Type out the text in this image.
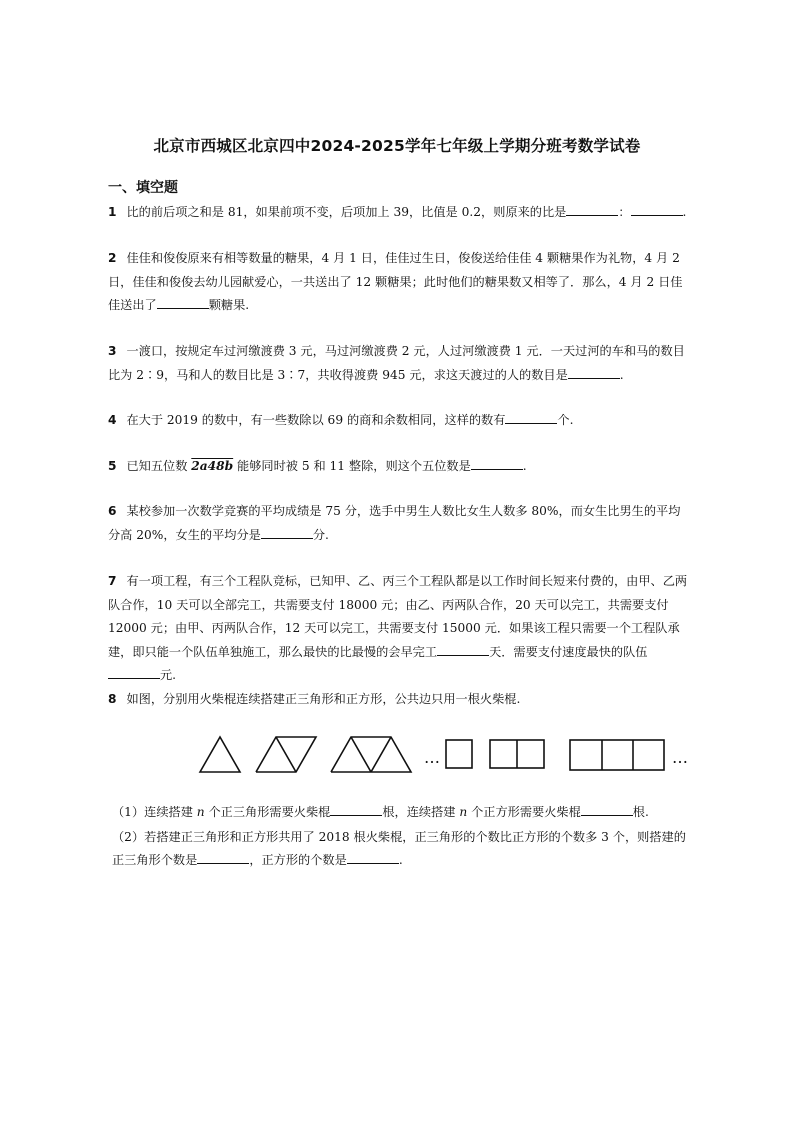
北京市西城区北京四中2024-2025学年七年级上学期分班考数学试卷
一、填空题
1 比的前后项之和是 81，如果前项不变，后项加上 39，比值是 0.2，则原来的比是	：	.
2 佳佳和俊俊原来有相等数量的糖果，4 月 1 日，佳佳过生日，俊俊送给佳佳 4 颗糖果作为礼物，4 月 2 日，佳佳和俊俊去幼儿园献爱心，一共送出了 12 颗糖果；此时他们的糖果数又相等了．那么，4 月 2 日佳佳送出了	颗糖果.
3 一渡口，按规定车过河缴渡费 3 元，马过河缴渡费 2 元，人过河缴渡费 1 元．一天过河的车和马的数目比为 2∶9，马和人的数目比是 3∶7，共收得渡费 945 元，求这天渡过的人的数目是	.
4 在大于 2019 的数中，有一些数除以 69 的商和余数相同，这样的数有	个.
5 已知五位数 2a48b 能够同时被 5 和 11 整除，则这个五位数是	.
6 某校参加一次数学竞赛的平均成绩是 75 分，选手中男生人数比女生人数多 80%，而女生比男生的平均分高 20%，女生的平均分是	分.
7 有一项工程，有三个工程队竞标，已知甲、乙、丙三个工程队都是以工作时间长短来付费的，由甲、乙两队合作，10 天可以全部完工，共需要支付 18000 元；由乙、丙两队合作，20 天可以完工，共需要支付 12000 元；由甲、丙两队合作，12 天可以完工，共需要支付 15000 元．如果该工程只需要一个工程队承建，即只能一个队伍单独施工，那么最快的比最慢的会早完工	天．需要支付速度最快的队伍元.
8 如图，分别用火柴棍连续搭建正三角形和正方形，公共边只用一根火柴棍.
…	…
（1）连续搭建 n 个正三角形需要火柴棍	根，连续搭建 n 个正方形需要火柴棍	根.
（2）若搭建正三角形和正方形共用了 2018 根火柴棍，正三角形的个数比正方形的个数多 3 个，则搭建的正三角形个数是	，正方形的个数是	.
